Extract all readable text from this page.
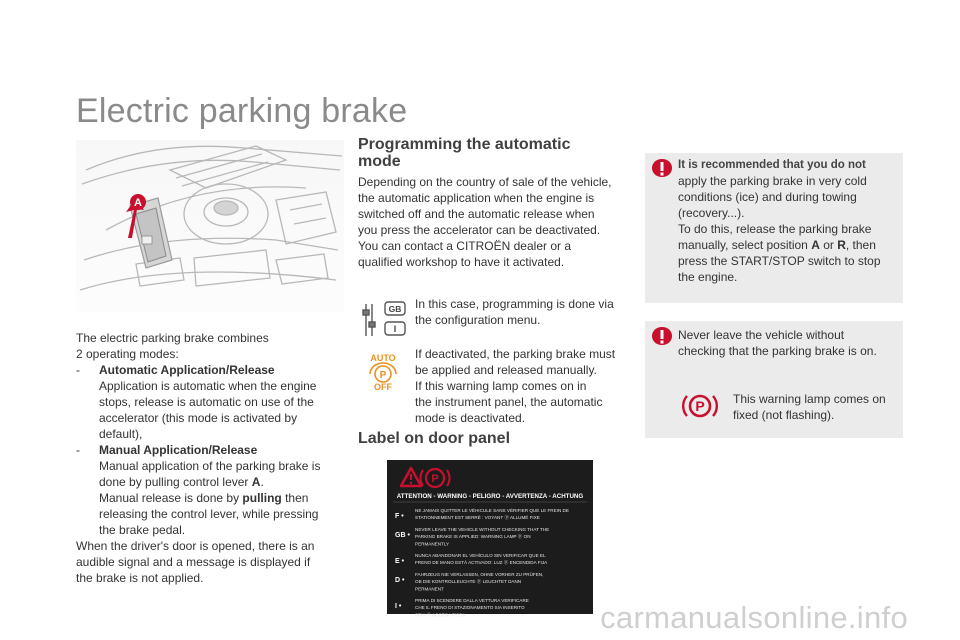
Electric parking brake
A
The electric parking brake combines
2 operating modes:
- Automatic Application/Release
Application is automatic when the engine
stops, release is automatic on use of the
accelerator (this mode is activated by
default),
- Manual Application/Release
Manual application of the parking brake is
done by pulling control lever A.
Manual release is done by pulling then
releasing the control lever, while pressing
the brake pedal.
When the driver's door is opened, there is an
audible signal and a message is displayed if
the brake is not applied.
Programming the automatic
mode
Depending on the country of sale of the vehicle,
the automatic application when the engine is
switched off and the automatic release when
you press the accelerator can be deactivated.
You can contact a CITROËN dealer or a
qualified workshop to have it activated.
GB
I
In this case, programming is done via
the configuration menu.
AUTO
P
OFF
If deactivated, the parking brake must
be applied and released manually.
If this warning lamp comes on in
the instrument panel, the automatic
mode is deactivated.
Label on door panel
P
ATTENTION - WARNING - PELIGRO - AVVERTENZA - ACHTUNG
F •
NE JAMAIS QUITTER LE VÉHICULE SANS VÉRIFIER QUE LE FREIN DE
STATIONNEMENT EST SERRÉ : VOYANT ⓟ ALLUMÉ FIXE
GB •
NEVER LEAVE THE VEHICLE WITHOUT CHECKING THAT THE
PARKING BRAKE IS APPLIED: WARNING LAMP ⓟ ON
PERMANENTLY
E •
NUNCA ABANDONAR EL VEHÍCULO SIN VERIFICAR QUE EL
FRENO DE MANO ESTÁ ACTIVADO: LUZ ⓟ ENCENDIDA FIJA
D •
FAHRZEUG NIE VERLASSEN, OHNE VORHER ZU PRÜFEN,
OB DIE KONTROLLEUCHTE ⓟ LEUCHTET DANN
PERMANENT
I •
PRIMA DI SCENDERE DALLA VETTURA VERIFICARE
CHE IL FRENO DI STAZIONAMENTO SIA INSERITO
SPIA ⓟ ACCESA FISSA
It is recommended that you do not
apply the parking brake in very cold
conditions (ice) and during towing
(recovery...).
To do this, release the parking brake
manually, select position A or R, then
press the START/STOP switch to stop
the engine.
Never leave the vehicle without
checking that the parking brake is on.
P This warning lamp comes on
fixed (not flashing).
carmanualsonline.info
